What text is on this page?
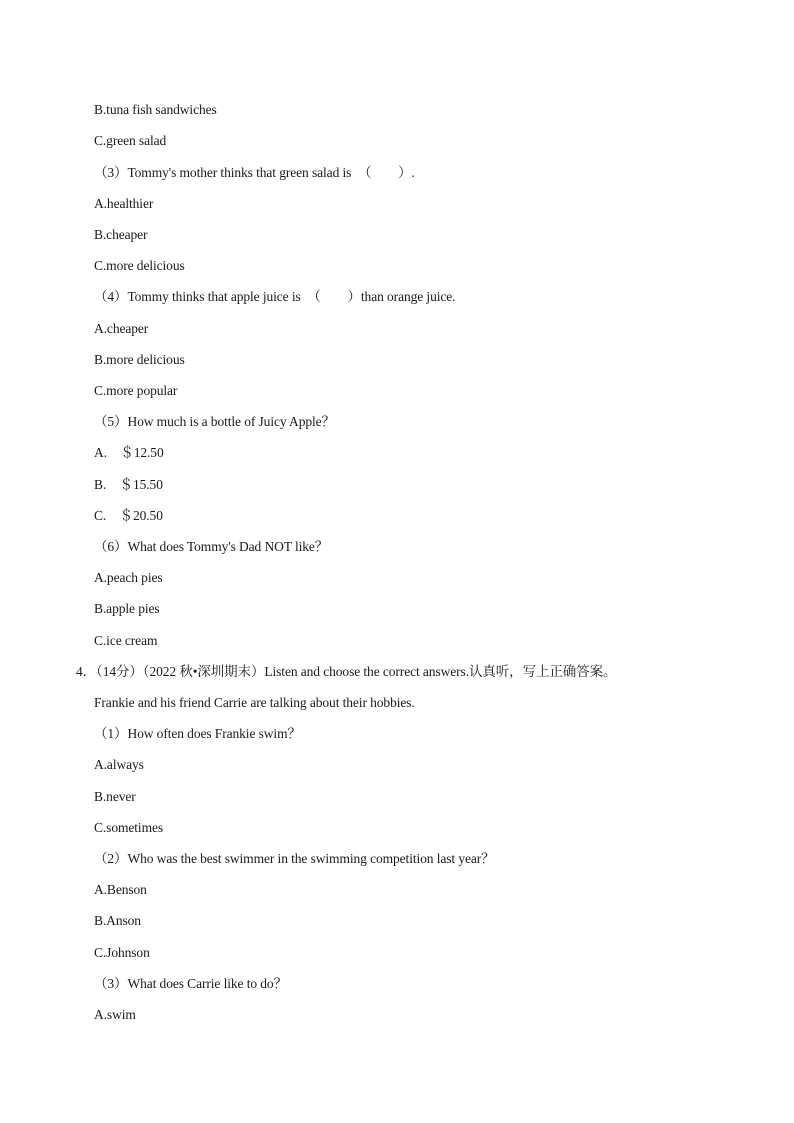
B.tuna fish sandwiches
C.green salad
（3）Tommy's mother thinks that green salad is　（　　）.
A.healthier
B.cheaper
C.more delicious
（4）Tommy thinks that apple juice is　（　　）than orange juice.
A.cheaper
B.more delicious
C.more popular
（5）How much is a bottle of Juicy Apple？
A.　＄12.50
B.　＄15.50
C.　＄20.50
（6）What does Tommy's Dad NOT like？
A.peach pies
B.apple pies
C.ice cream
4．（14分）（2022 秋•深圳期末）Listen and choose the correct answers.认真听，写上正确答案。
Frankie and his friend Carrie are talking about their hobbies.
（1）How often does Frankie swim？
A.always
B.never
C.sometimes
（2）Who was the best swimmer in the swimming competition last year？
A.Benson
B.Anson
C.Johnson
（3）What does Carrie like to do？
A.swim
